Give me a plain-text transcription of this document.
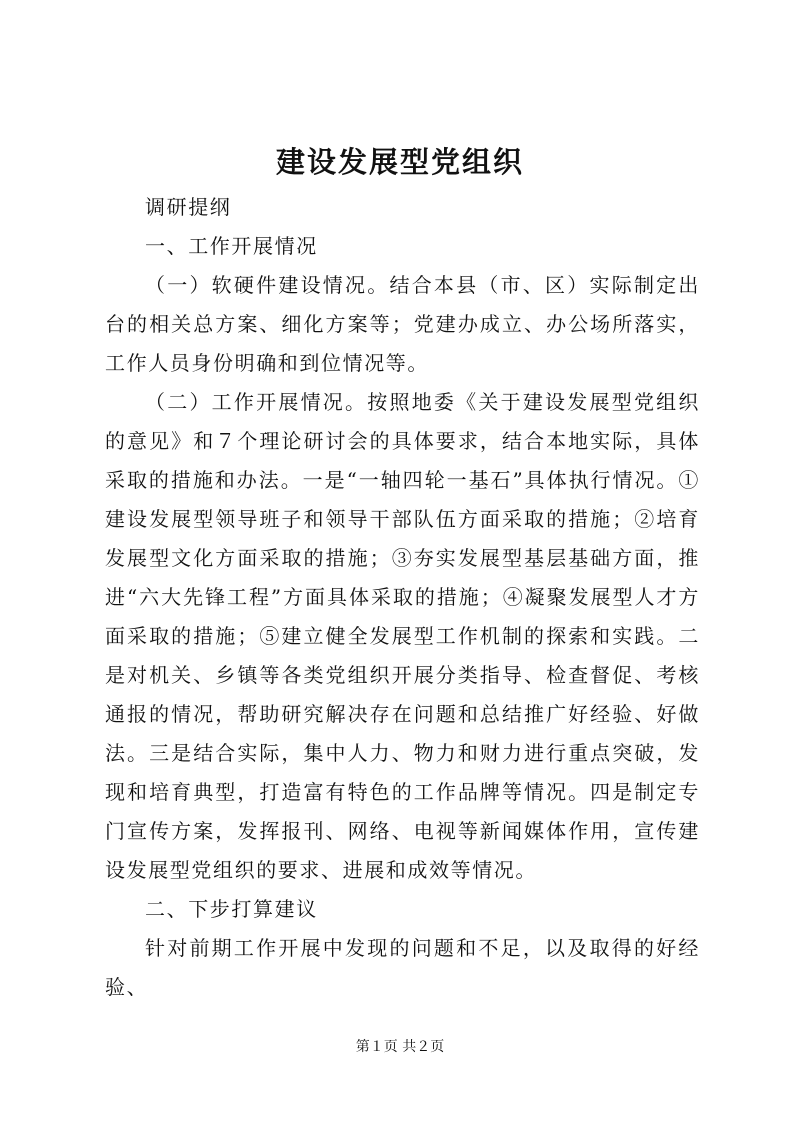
建设发展型党组织

调研提纲

一、工作开展情况

（一）软硬件建设情况。结合本县（市、区）实际制定出台的相关总方案、细化方案等；党建办成立、办公场所落实，工作人员身份明确和到位情况等。

（二）工作开展情况。按照地委《关于建设发展型党组织的意见》和７个理论研讨会的具体要求，结合本地实际，具体采取的措施和办法。一是“一轴四轮一基石”具体执行情况。①建设发展型领导班子和领导干部队伍方面采取的措施；②培育发展型文化方面采取的措施；③夯实发展型基层基础方面，推进“六大先锋工程”方面具体采取的措施；④凝聚发展型人才方面采取的措施；⑤建立健全发展型工作机制的探索和实践。二是对机关、乡镇等各类党组织开展分类指导、检查督促、考核通报的情况，帮助研究解决存在问题和总结推广好经验、好做法。三是结合实际，集中人力、物力和财力进行重点突破，发现和培育典型，打造富有特色的工作品牌等情况。四是制定专门宣传方案，发挥报刊、网络、电视等新闻媒体作用，宣传建设发展型党组织的要求、进展和成效等情况。

二、下步打算建议

针对前期工作开展中发现的问题和不足，以及取得的好经验、

第１页 共２页
